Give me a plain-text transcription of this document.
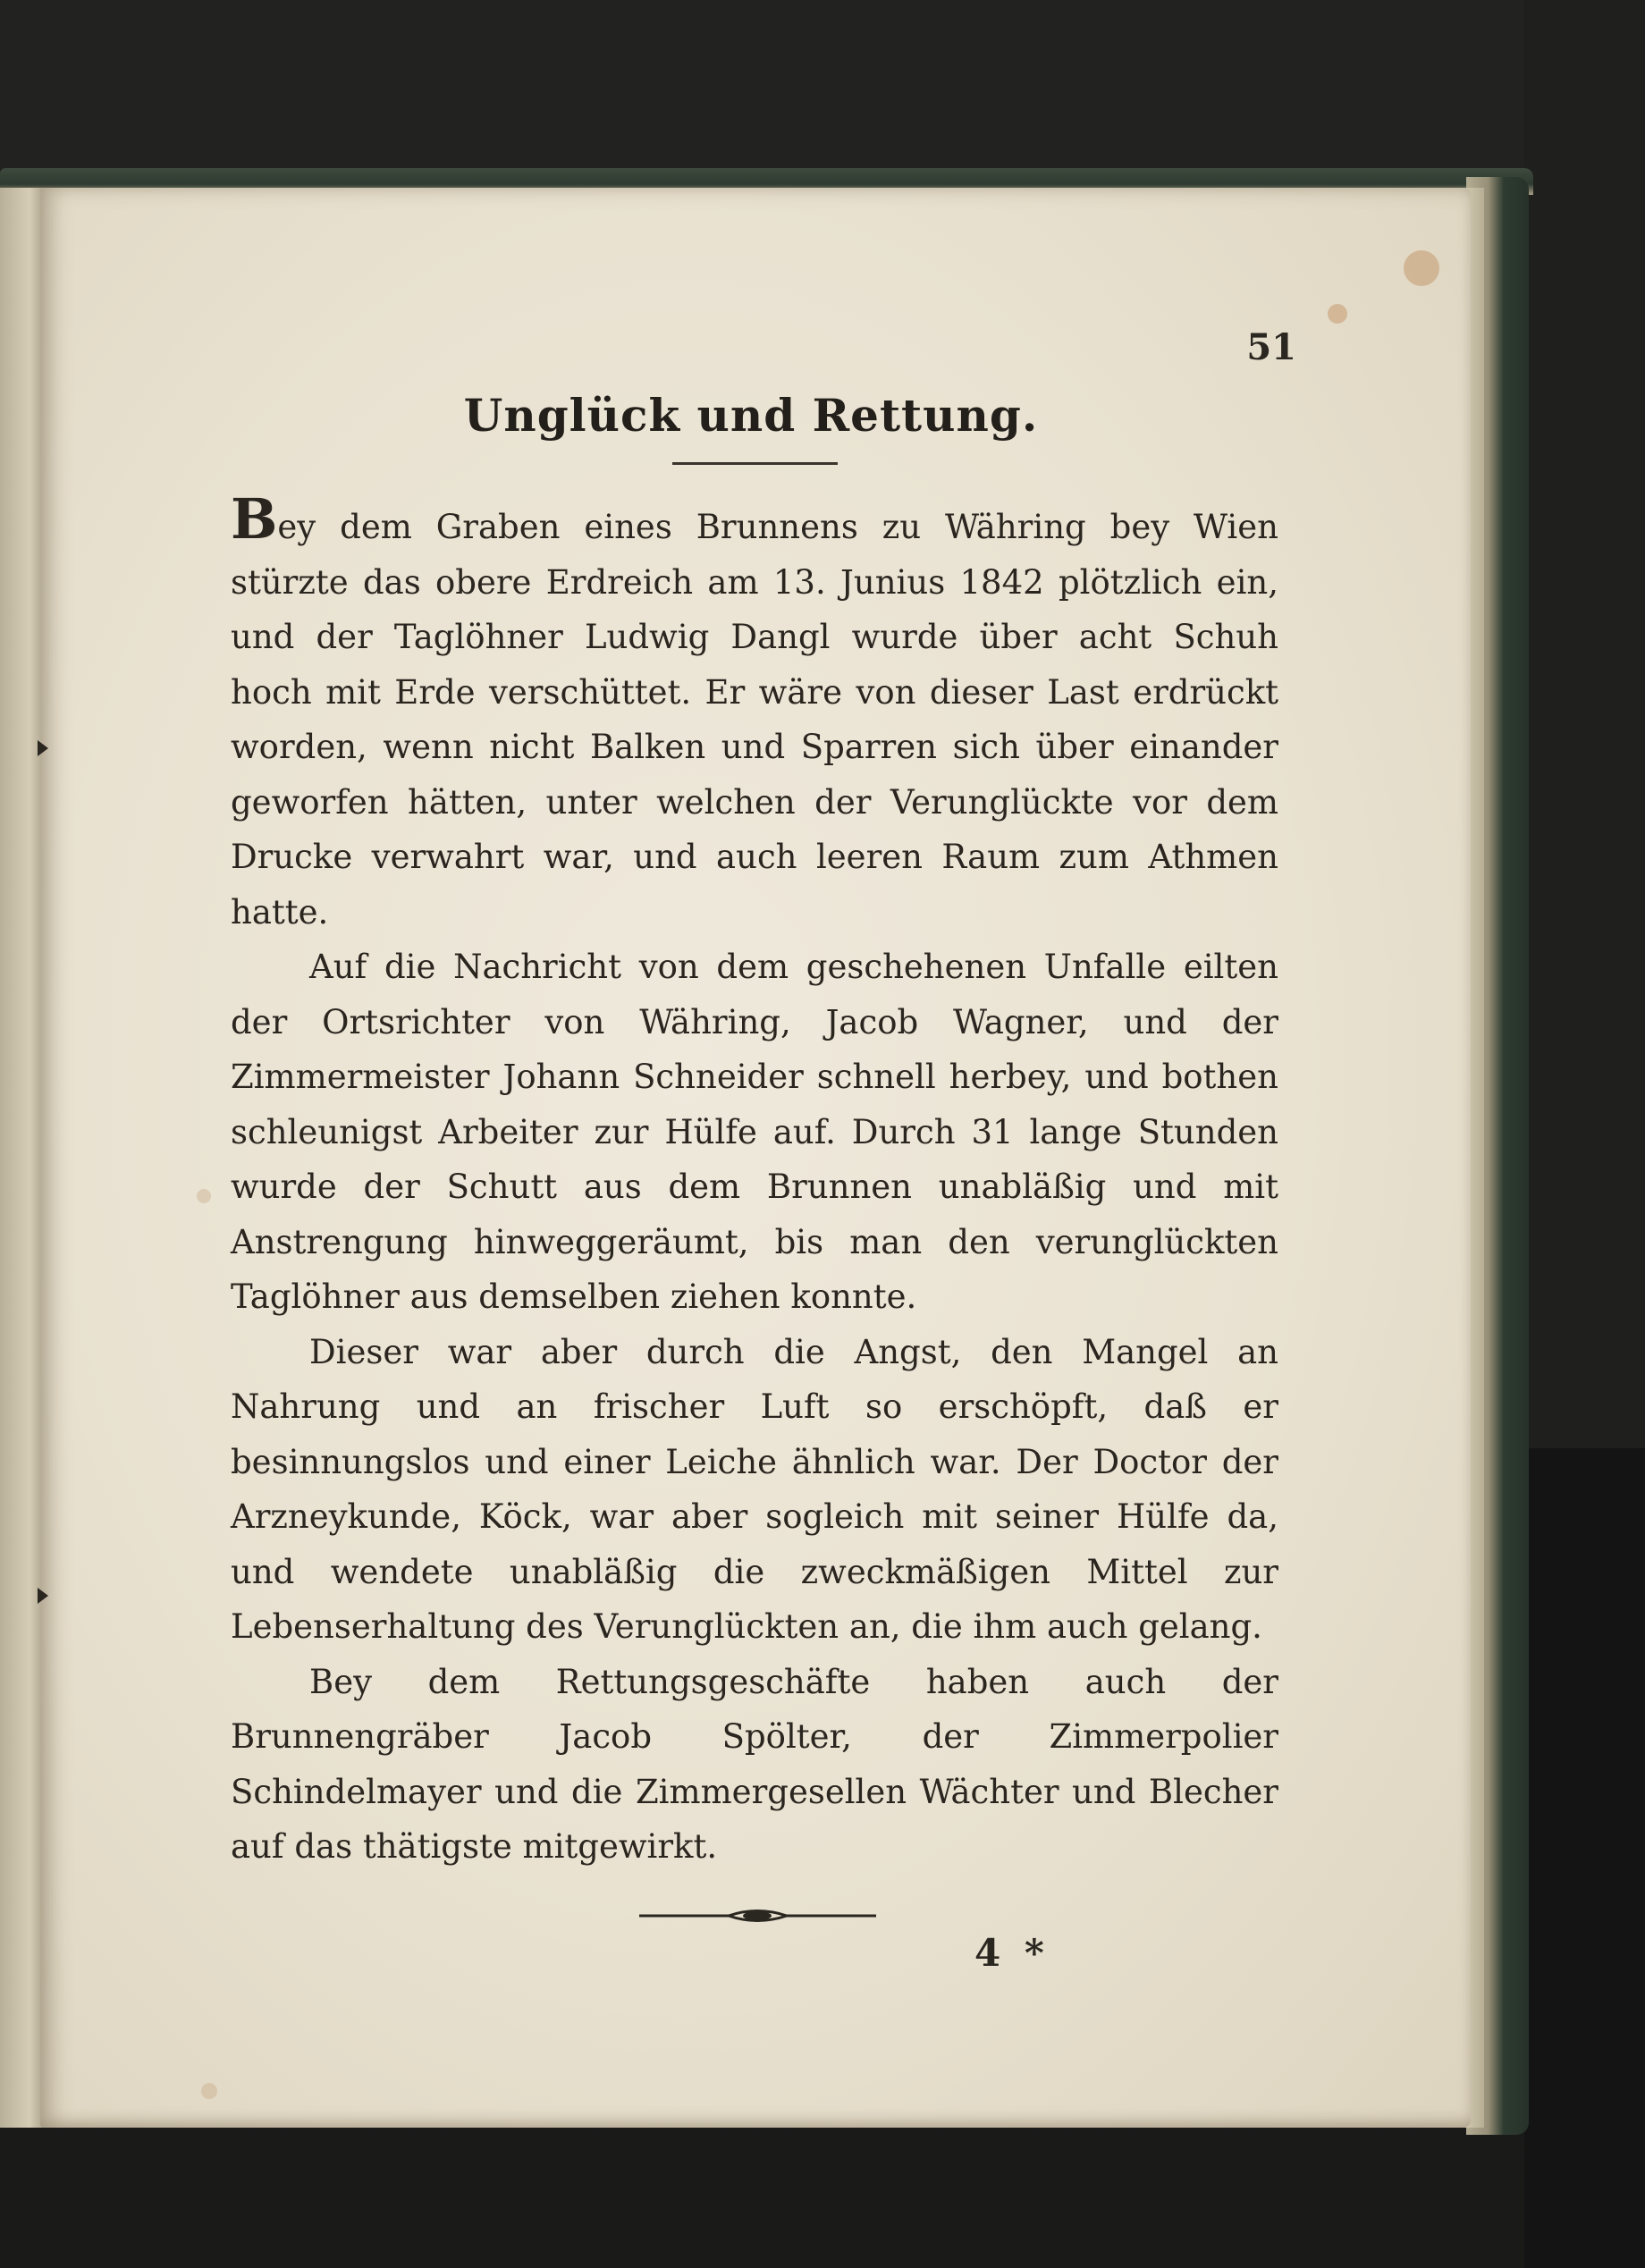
51
Unglück und Rettung.

Bey dem Graben eines Brunnens zu Währing bey Wien stürzte das obere Erdreich am 13. Junius 1842 plötzlich ein, und der Taglöhner Ludwig Dangl wurde über acht Schuh hoch mit Erde verschüttet. Er wäre von dieser Last erdrückt worden, wenn nicht Balken und Sparren sich über einander geworfen hätten, unter welchen der Verunglückte vor dem Drucke verwahrt war, und auch leeren Raum zum Athmen hatte.

Auf die Nachricht von dem geschehenen Unfalle eilten der Ortsrichter von Währing, Jacob Wagner, und der Zimmermeister Johann Schneider schnell herbey, und bothen schleunigst Arbeiter zur Hülfe auf. Durch 31 lange Stunden wurde der Schutt aus dem Brunnen unabläßig und mit Anstrengung hinweggeräumt, bis man den verunglückten Taglöhner aus demselben ziehen konnte.

Dieser war aber durch die Angst, den Mangel an Nahrung und an frischer Luft so erschöpft, daß er besinnungslos und einer Leiche ähnlich war. Der Doctor der Arzneykunde, Köck, war aber sogleich mit seiner Hülfe da, und wendete unabläßig die zweckmäßigen Mittel zur Lebenserhaltung des Verunglückten an, die ihm auch gelang.

Bey dem Rettungsgeschäfte haben auch der Brunnengräber Jacob Spölter, der Zimmerpolier Schindelmayer und die Zimmergesellen Wächter und Blecher auf das thätigste mitgewirkt.

4 *
